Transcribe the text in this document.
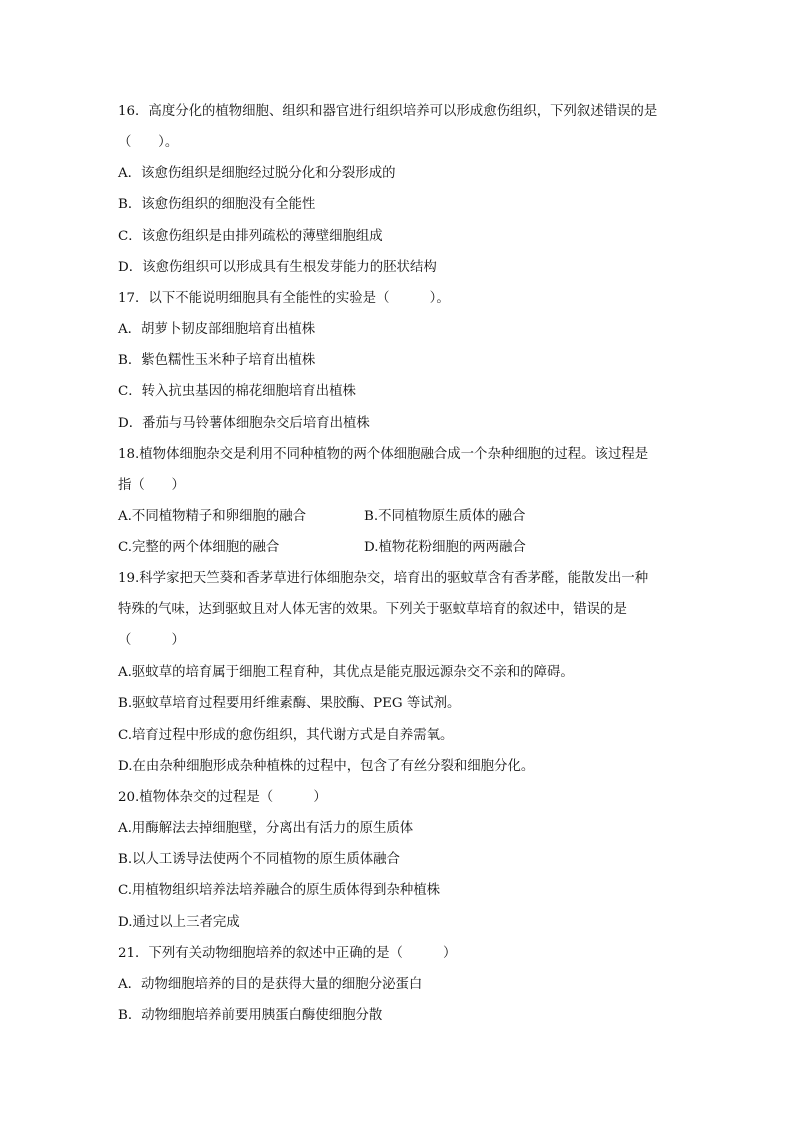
16．高度分化的植物细胞、组织和器官进行组织培养可以形成愈伤组织，下列叙述错误的是
（　　）。
A．该愈伤组织是细胞经过脱分化和分裂形成的
B．该愈伤组织的细胞没有全能性
C．该愈伤组织是由排列疏松的薄壁细胞组成
D．该愈伤组织可以形成具有生根发芽能力的胚状结构
17．以下不能说明细胞具有全能性的实验是（　　　）。
A．胡萝卜韧皮部细胞培育出植株
B．紫色糯性玉米种子培育出植株
C．转入抗虫基因的棉花细胞培育出植株
D．番茄与马铃薯体细胞杂交后培育出植株
18.植物体细胞杂交是利用不同种植物的两个体细胞融合成一个杂种细胞的过程。该过程是
指（　　）
A.不同植物精子和卵细胞的融合	B.不同植物原生质体的融合
C.完整的两个体细胞的融合	D.植物花粉细胞的两两融合
19.科学家把天竺葵和香茅草进行体细胞杂交，培育出的驱蚊草含有香茅醛，能散发出一种
特殊的气味，达到驱蚊且对人体无害的效果。下列关于驱蚊草培育的叙述中，错误的是
（　　　）
A.驱蚊草的培育属于细胞工程育种，其优点是能克服远源杂交不亲和的障碍。
B.驱蚊草培育过程要用纤维素酶、果胶酶、PEG 等试剂。
C.培育过程中形成的愈伤组织，其代谢方式是自养需氧。
D.在由杂种细胞形成杂种植株的过程中，包含了有丝分裂和细胞分化。
20.植物体杂交的过程是（　　　）
A.用酶解法去掉细胞壁，分离出有活力的原生质体
B.以人工诱导法使两个不同植物的原生质体融合
C.用植物组织培养法培养融合的原生质体得到杂种植株
D.通过以上三者完成
21．下列有关动物细胞培养的叙述中正确的是（　　　）
A．动物细胞培养的目的是获得大量的细胞分泌蛋白
B．动物细胞培养前要用胰蛋白酶使细胞分散
